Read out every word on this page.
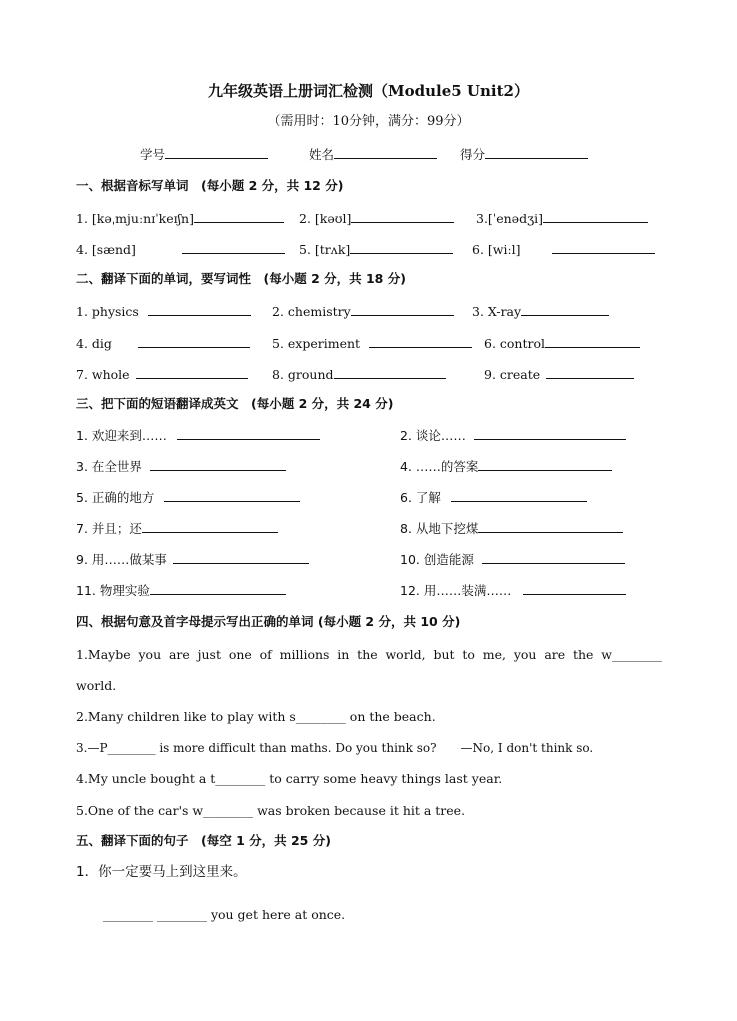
九年级英语上册词汇检测（Module5 Unit2）
（需用时：10分钟，满分：99分）
学号	姓名	得分
一、根据音标写单词　(每小题 2 分，共 12 分)
1. [kəˌmjuːnɪˈkeɪʃn]	2. [kəʊl]	3.[ˈenədʒi]
4. [sænd]	5. [trʌk]	6. [wiːl]
二、翻译下面的单词，要写词性　(每小题 2 分，共 18 分)
1. physics	2. chemistry	3. X-ray
4. dig	5. experiment	6. control
7. whole	8. ground	9. create
三、把下面的短语翻译成英文　(每小题 2 分，共 24 分)
1. 欢迎来到……	2. 谈论……
3. 在全世界	4. ……的答案
5. 正确的地方	6. 了解
7. 并且；还	8. 从地下挖煤
9. 用……做某事	10. 创造能源
11. 物理实验	12. 用……装满……
四、根据句意及首字母提示写出正确的单词 (每小题 2 分，共 10 分)
1.Maybe you are just one of millions in the world, but to me, you are the w________
world.
2.Many children like to play with s________ on the beach.
3.—P________ is more difficult than maths. Do you think so?　　—No, I don't think so.
4.My uncle bought a t________ to carry some heavy things last year.
5.One of the car's w________ was broken because it hit a tree.
五、翻译下面的句子　(每空 1 分，共 25 分)
1．你一定要马上到这里来。
________ ________ you get here at once.
